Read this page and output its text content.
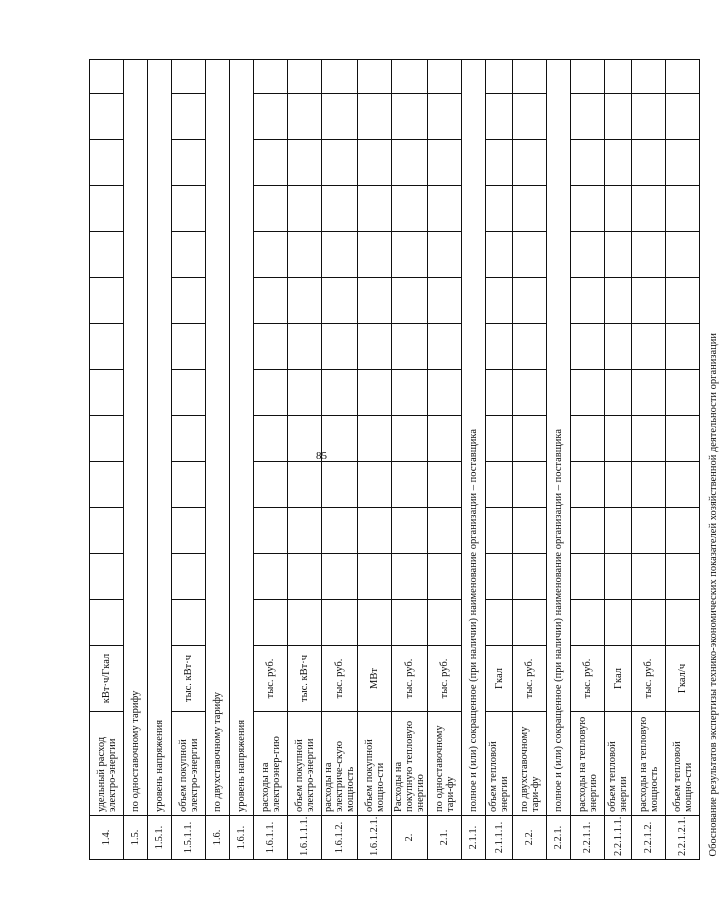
85
1.4.	удельный расход электро-энергии	кВт·ч/Гкал													
1.5.	по одноставочному тарифу														
1.5.1.	уровень напряжения														
1.5.1.1.	объем покупной электро-энергии	тыс. кВт·ч													
1.6.	по двухставочному тарифу														
1.6.1.	уровень напряжения														
1.6.1.1.	расходы на электроэнер-гию	тыс. руб.													
1.6.1.1.1.	объем покупной электро-энергии	тыс. кВт·ч													
1.6.1.2.	расходы на электриче-скую мощность	тыс. руб.													
1.6.1.2.1.	объем покупной мощно-сти	МВт													
2.	Расходы на покупную тепловую энергию	тыс. руб.													
2.1.	по одноставочному тари-фу	тыс. руб.													
2.1.1.	полное и (или) сокращенное (при наличии) наименование организации – поставщика														
2.1.1.1.	объем тепловой энергии	Гкал													
2.2.	по двухставочному тари-фу	тыс. руб.													
2.2.1.	полное и (или) сокращенное (при наличии) наименование организации – поставщика														
2.2.1.1.	расходы на тепловую энергию	тыс. руб.													
2.2.1.1.1.	объем тепловой энергии	Гкал													
2.2.1.2.	расходы на тепловую мощность	тыс. руб.													
2.2.1.2.1.	объем тепловой мощно-сти	Гкал/ч													
Обоснование результатов экспертизы технико-экономических показателей хозяйственной деятельности организации															
